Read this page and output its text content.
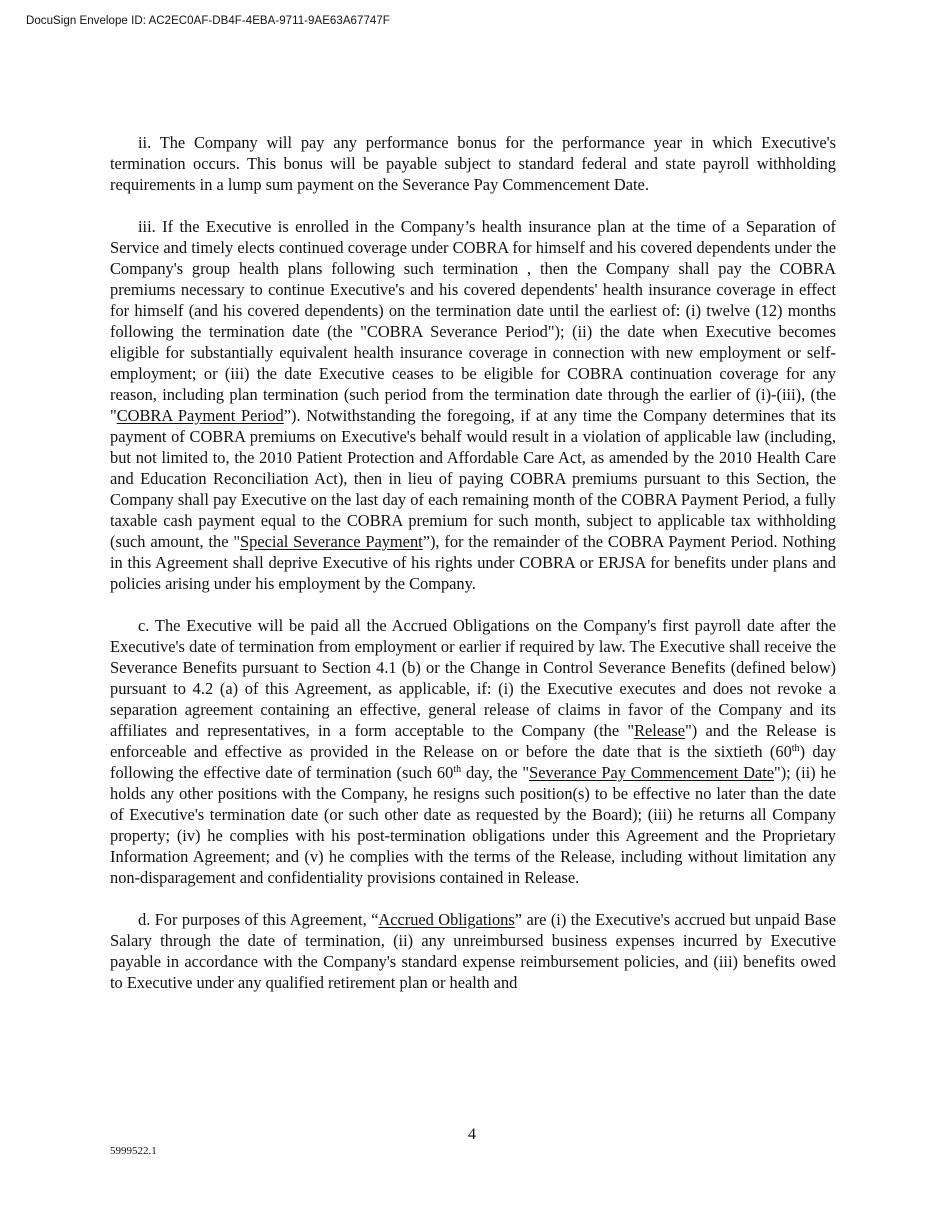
DocuSign Envelope ID: AC2EC0AF-DB4F-4EBA-9711-9AE63A67747F

ii. The Company will pay any performance bonus for the performance year in which Executive's termination occurs. This bonus will be payable subject to standard federal and state payroll withholding requirements in a lump sum payment on the Severance Pay Commencement Date.

iii. If the Executive is enrolled in the Company’s health insurance plan at the time of a Separation of Service and timely elects continued coverage under COBRA for himself and his covered dependents under the Company's group health plans following such termination , then the Company shall pay the COBRA premiums necessary to continue Executive's and his covered dependents' health insurance coverage in effect for himself (and his covered dependents) on the termination date until the earliest of: (i) twelve (12) months following the termination date (the "COBRA Severance Period"); (ii) the date when Executive becomes eligible for substantially equivalent health insurance coverage in connection with new employment or self-employment; or (iii) the date Executive ceases to be eligible for COBRA continuation coverage for any reason, including plan termination (such period from the termination date through the earlier of (i)-(iii), (the "COBRA Payment Period”). Notwithstanding the foregoing, if at any time the Company determines that its payment of COBRA premiums on Executive's behalf would result in a violation of applicable law (including, but not limited to, the 2010 Patient Protection and Affordable Care Act, as amended by the 2010 Health Care and Education Reconciliation Act), then in lieu of paying COBRA premiums pursuant to this Section, the Company shall pay Executive on the last day of each remaining month of the COBRA Payment Period, a fully taxable cash payment equal to the COBRA premium for such month, subject to applicable tax withholding (such amount, the "Special Severance Payment”), for the remainder of the COBRA Payment Period. Nothing in this Agreement shall deprive Executive of his rights under COBRA or ERJSA for benefits under plans and policies arising under his employment by the Company.

c. The Executive will be paid all the Accrued Obligations on the Company's first payroll date after the Executive's date of termination from employment or earlier if required by law. The Executive shall receive the Severance Benefits pursuant to Section 4.1 (b) or the Change in Control Severance Benefits (defined below) pursuant to 4.2 (a) of this Agreement, as applicable, if: (i) the Executive executes and does not revoke a separation agreement containing an effective, general release of claims in favor of the Company and its affiliates and representatives, in a form acceptable to the Company (the "Release") and the Release is enforceable and effective as provided in the Release on or before the date that is the sixtieth (60th) day following the effective date of termination (such 60th day, the "Severance Pay Commencement Date"); (ii) he holds any other positions with the Company, he resigns such position(s) to be effective no later than the date of Executive's termination date (or such other date as requested by the Board); (iii) he returns all Company property; (iv) he complies with his post-termination obligations under this Agreement and the Proprietary Information Agreement; and (v) he complies with the terms of the Release, including without limitation any non-disparagement and confidentiality provisions contained in Release.

d. For purposes of this Agreement, “Accrued Obligations” are (i) the Executive's accrued but unpaid Base Salary through the date of termination, (ii) any unreimbursed business expenses incurred by Executive payable in accordance with the Company's standard expense reimbursement policies, and (iii) benefits owed to Executive under any qualified retirement plan or health and

4
5999522.1
